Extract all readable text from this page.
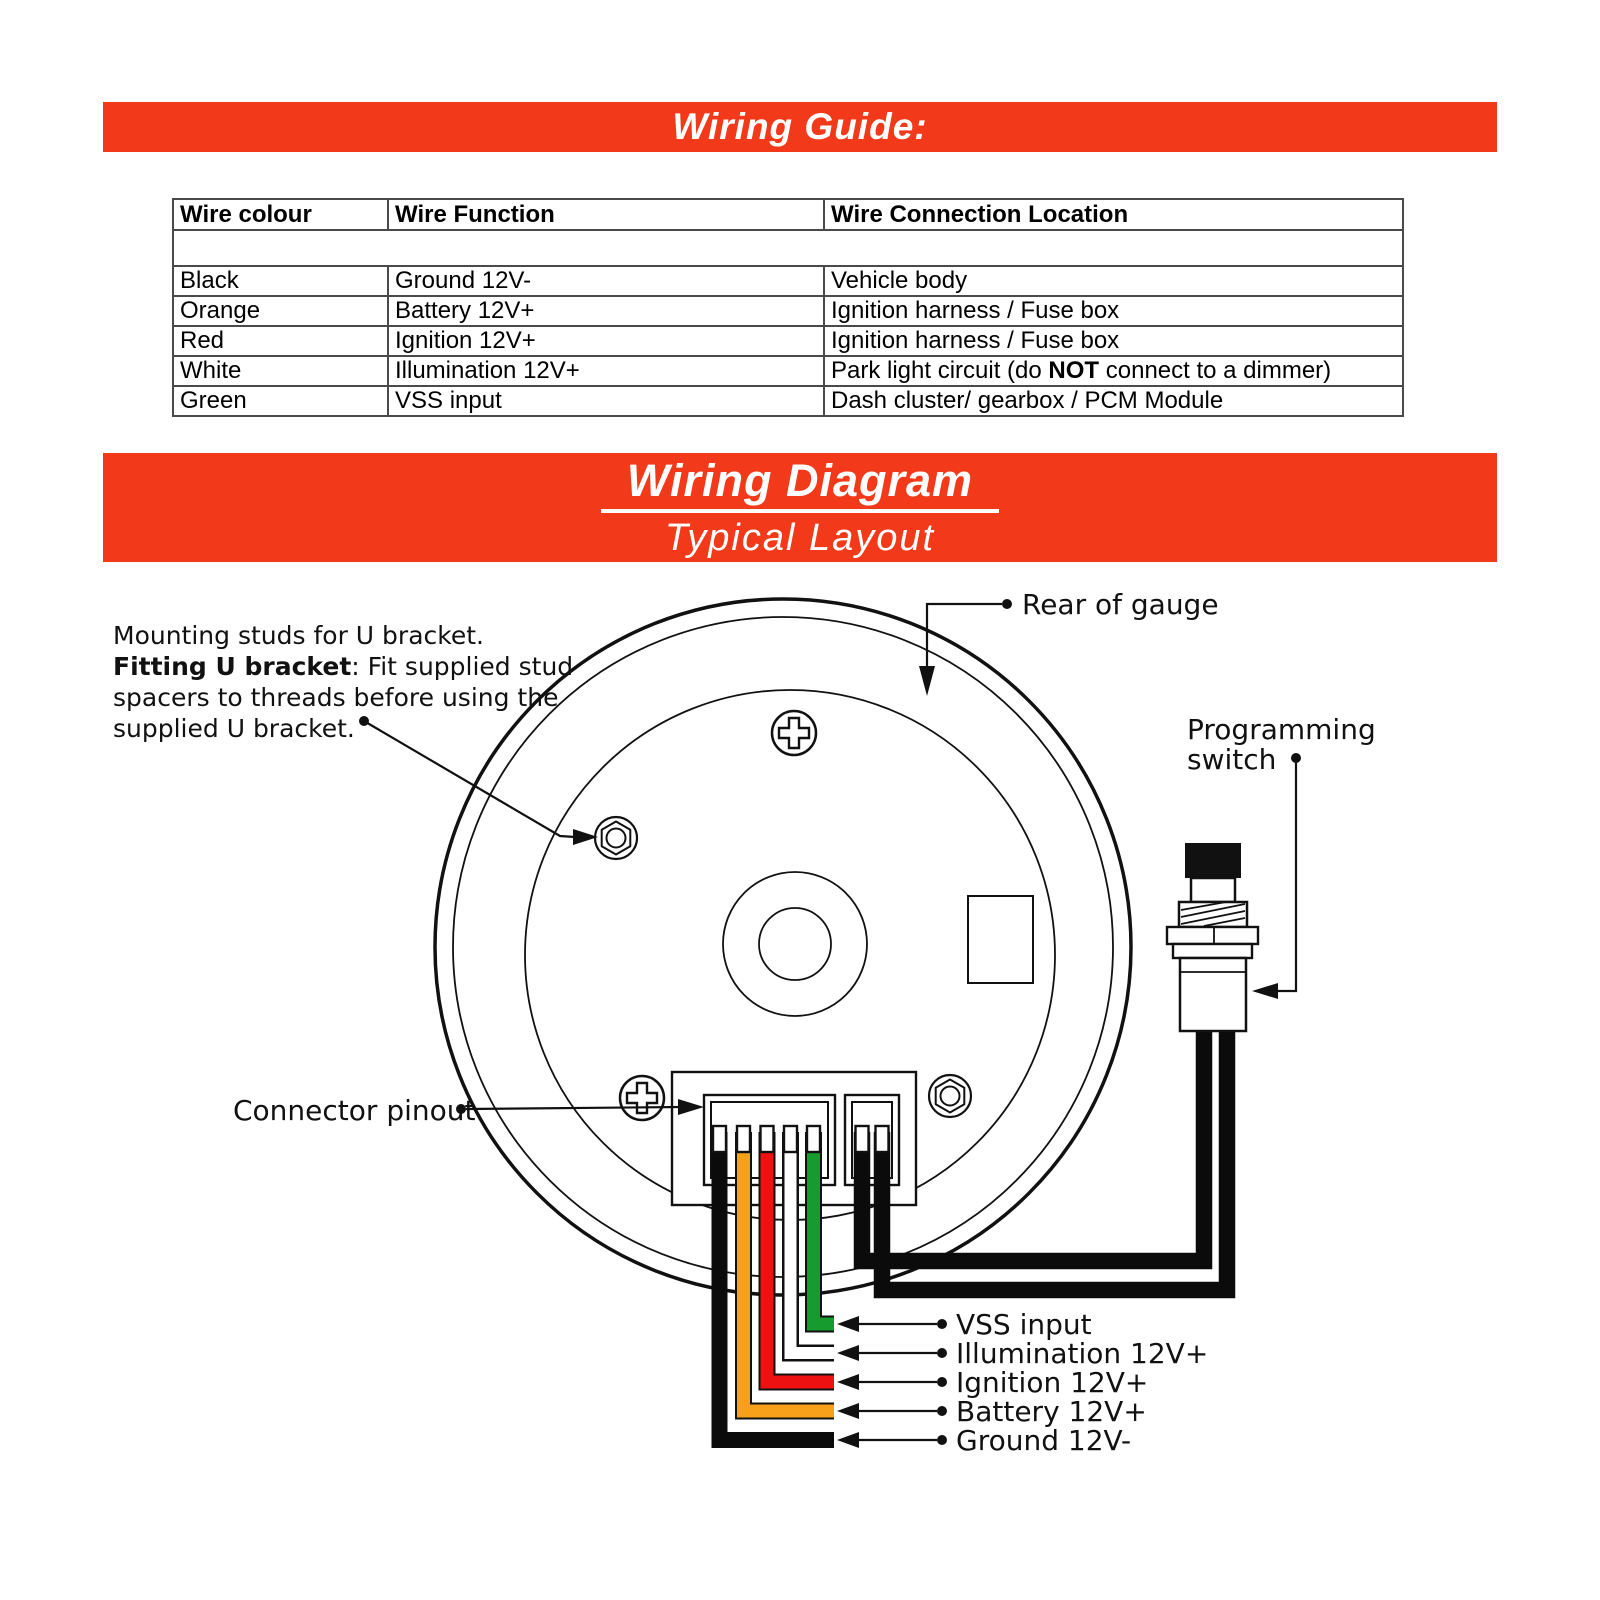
Wiring Guide:
Wire colour	Wire Function	Wire Connection Location

Black	Ground 12V-	Vehicle body
Orange	Battery 12V+	Ignition harness / Fuse box
Red	Ignition 12V+	Ignition harness / Fuse box
White	Illumination 12V+	Park light circuit (do NOT connect to a dimmer)
Green	VSS input	Dash cluster/ gearbox / PCM Module
Wiring Diagram
Typical Layout
Mounting studs for U bracket.
Fitting U bracket: Fit supplied stud
spacers to threads before using the
supplied U bracket.
Rear of gauge
Programming
switch
Connector pinout
VSS input
Illumination 12V+
Ignition 12V+
Battery 12V+
Ground 12V-
